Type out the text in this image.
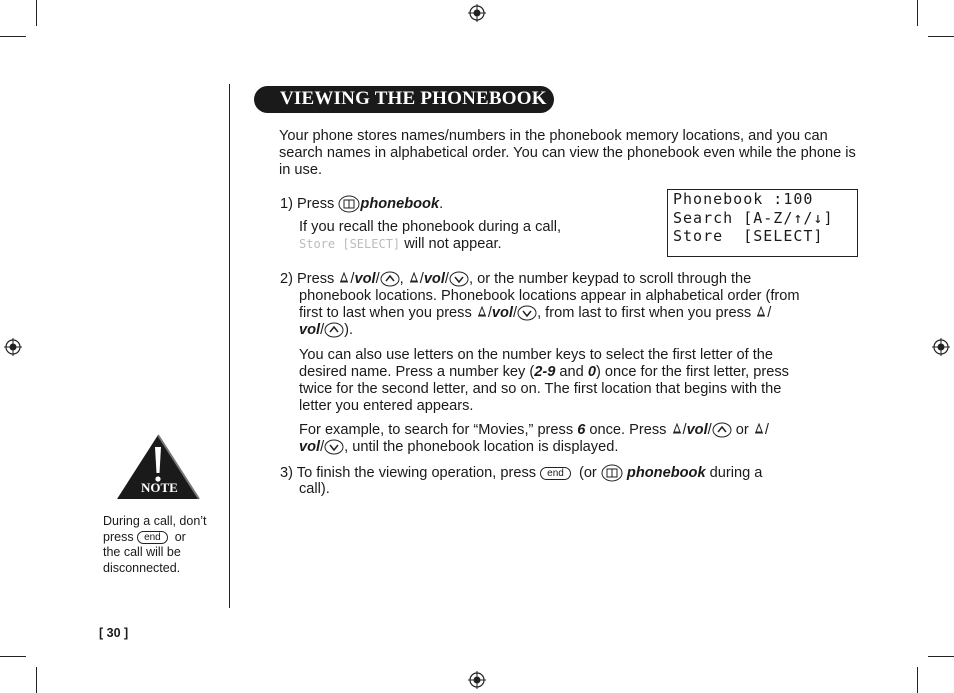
VIEWING THE PHONEBOOK
Your phone stores names/numbers in the phonebook memory locations, and you can search names in alphabetical order. You can view the phonebook even while the phone is in use.
Phonebook :100
Search [A-Z/↑/↓]
Store  [SELECT]
1) Press phonebook.
If you recall the phonebook during a call,
Store [SELECT] will not appear.
2) Press /vol/ , /vol/ , or the number keypad to scroll through the
phonebook locations. Phonebook locations appear in alphabetical order (from
first to last when you press /vol/ , from last to first when you press /
vol/ ).
You can also use letters on the number keys to select the first letter of the
desired name. Press a number key (2-9 and 0) once for the first letter, press
twice for the second letter, and so on. The first location that begins with the
letter you entered appears.
For example, to search for “Movies,” press 6 once. Press /vol/ or /
vol/ , until the phonebook location is displayed.
3) To finish the viewing operation, press end (or phonebook during a
call).
NOTE
During a call, don’t
press end or
the call will be
disconnected.
[ 30 ]
